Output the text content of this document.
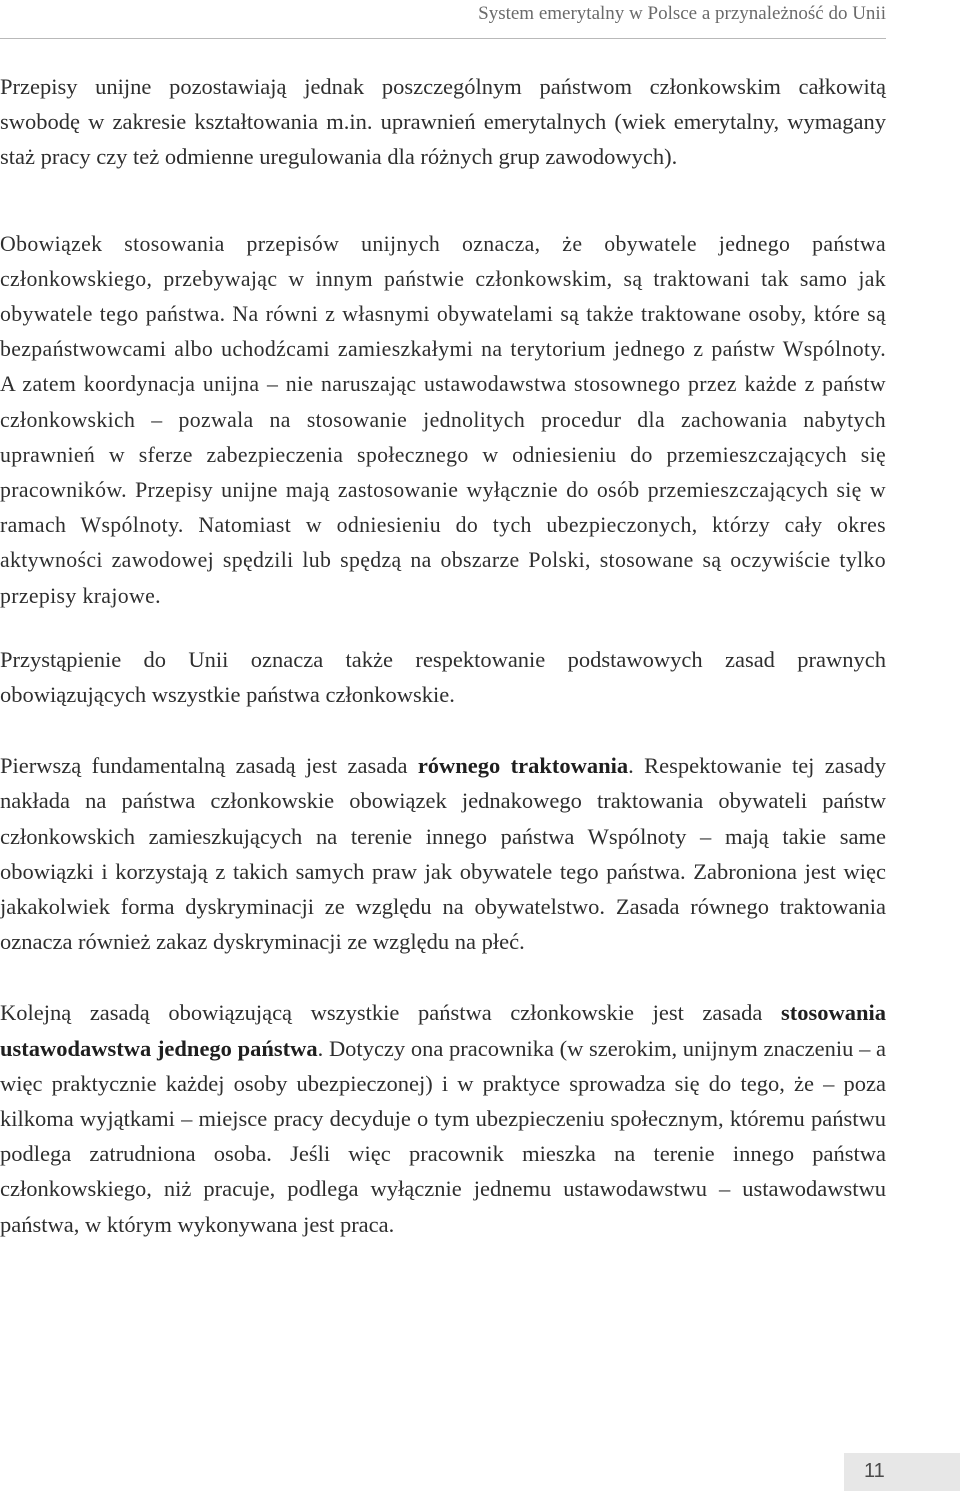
System emerytalny w Polsce a przynależność do Unii

Przepisy unijne pozostawiają jednak poszczególnym państwom członkowskim całkowitą swobodę w zakresie kształtowania m.in. uprawnień emerytalnych (wiek emerytalny, wymagany staż pracy czy też odmienne uregulowania dla różnych grup zawodowych).

Obowiązek stosowania przepisów unijnych oznacza, że obywatele jednego państwa członkowskiego, przebywając w innym państwie członkowskim, są traktowani tak samo jak obywatele tego państwa. Na równi z własnymi obywatelami są także traktowane osoby, które są bezpaństwowcami albo uchodźcami zamieszkałymi na terytorium jednego z państw Wspólnoty. A zatem koordynacja unijna – nie naruszając ustawodawstwa stosownego przez każde z państw członkowskich – pozwala na stosowanie jednolitych procedur dla zachowania nabytych uprawnień w sferze zabezpieczenia społecznego w odniesieniu do przemieszczających się pracowników. Przepisy unijne mają zastosowanie wyłącznie do osób przemieszczających się w ramach Wspólnoty. Natomiast w odniesieniu do tych ubezpieczonych, którzy cały okres aktywności zawodowej spędzili lub spędzą na obszarze Polski, stosowane są oczywiście tylko przepisy krajowe.

Przystąpienie do Unii oznacza także respektowanie podstawowych zasad prawnych obowiązujących wszystkie państwa członkowskie.

Pierwszą fundamentalną zasadą jest zasada równego traktowania. Respektowanie tej zasady nakłada na państwa członkowskie obowiązek jednakowego traktowania obywateli państw członkowskich zamieszkujących na terenie innego państwa Wspólnoty – mają takie same obowiązki i korzystają z takich samych praw jak obywatele tego państwa. Zabroniona jest więc jakakolwiek forma dyskryminacji ze względu na obywatelstwo. Zasada równego traktowania oznacza również zakaz dyskryminacji ze względu na płeć.

Kolejną zasadą obowiązującą wszystkie państwa członkowskie jest zasada stosowania ustawodawstwa jednego państwa. Dotyczy ona pracownika (w szerokim, unijnym znaczeniu – a więc praktycznie każdej osoby ubezpieczonej) i w praktyce sprowadza się do tego, że – poza kilkoma wyjątkami – miejsce pracy decyduje o tym ubezpieczeniu społecznym, któremu państwu podlega zatrudniona osoba. Jeśli więc pracownik mieszka na terenie innego państwa członkowskiego, niż pracuje, podlega wyłącznie jednemu ustawodawstwu – ustawodawstwu państwa, w którym wykonywana jest praca.

11
